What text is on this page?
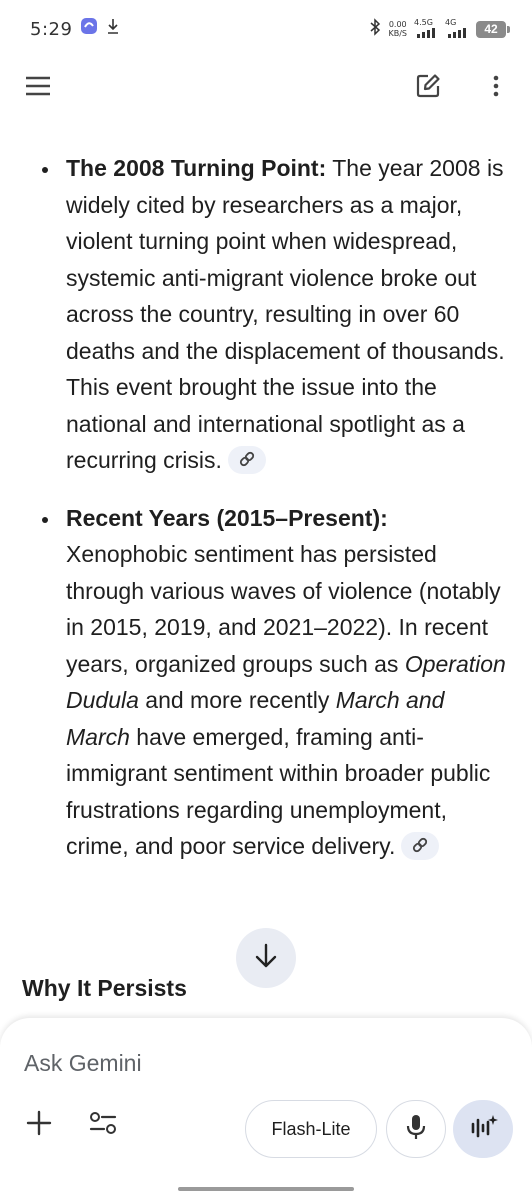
5:29	0.00
KB/S
4.5G 4G 42
The 2008 Turning Point: The year 2008 is widely cited by researchers as a major, violent turning point when widespread, systemic anti-migrant violence broke out across the country, resulting in over 60 deaths and the displacement of thousands. This event brought the issue into the national and international spotlight as a recurring crisis.
Recent Years (2015–Present): Xenophobic sentiment has persisted through various waves of violence (notably in 2015, 2019, and 2021–2022). In recent years, organized groups such as Operation Dudula and more recently March and March have emerged, framing anti-immigrant sentiment within broader public frustrations regarding unemployment, crime, and poor service delivery.
Why It Persists
Ask Gemini
Flash-Lite
